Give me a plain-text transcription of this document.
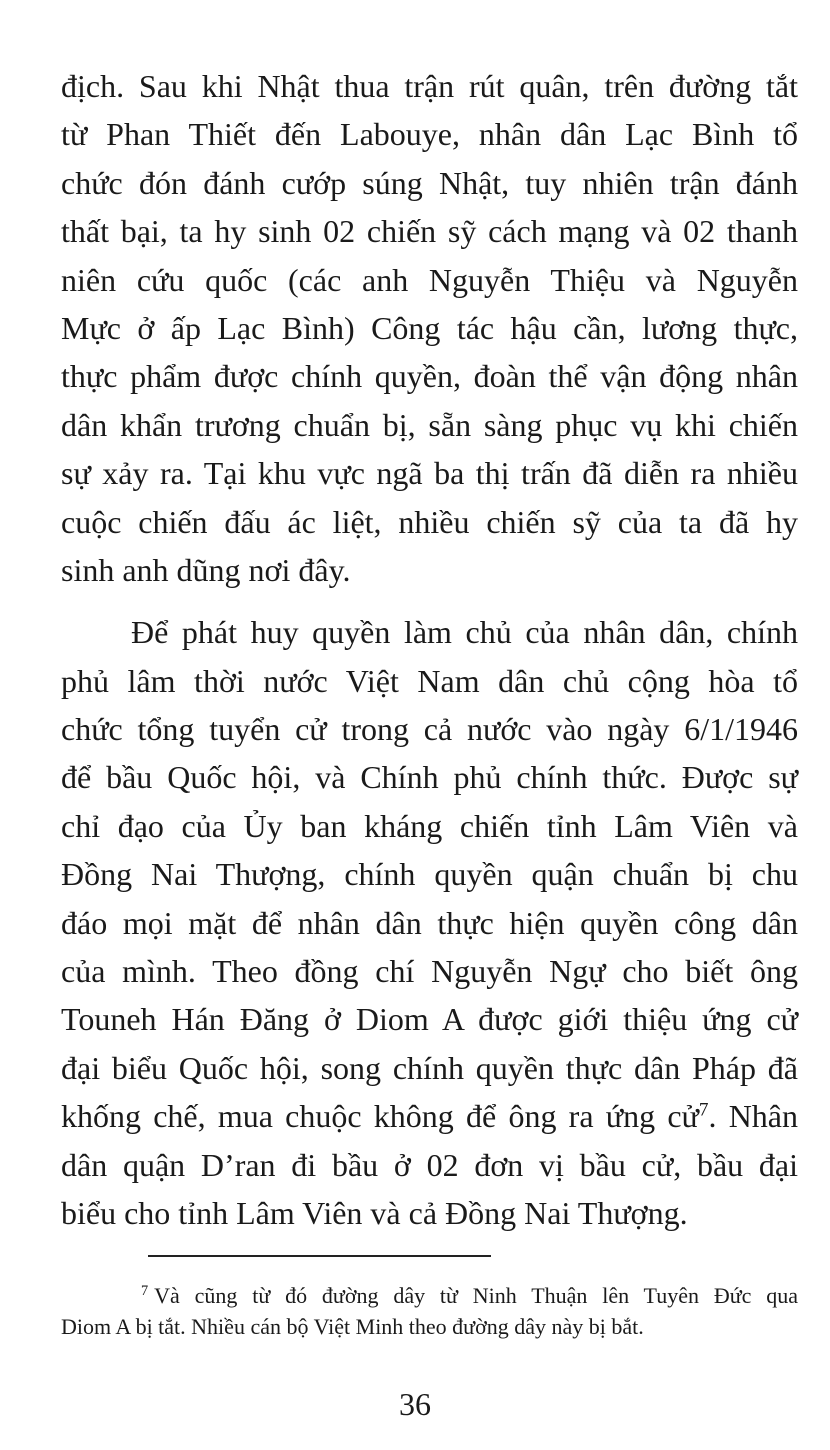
địch. Sau khi Nhật thua trận rút quân, trên đường tắt
từ Phan Thiết đến Labouye, nhân dân Lạc Bình tổ
chức đón đánh cướp súng Nhật, tuy nhiên trận đánh
thất bại, ta hy sinh 02 chiến sỹ cách mạng và 02 thanh
niên cứu quốc (các anh Nguyễn Thiệu và Nguyễn
Mực ở ấp Lạc Bình) Công tác hậu cần, lương thực,
thực phẩm được chính quyền, đoàn thể vận động nhân
dân khẩn trương chuẩn bị, sẵn sàng phục vụ khi chiến
sự xảy ra. Tại khu vực ngã ba thị trấn đã diễn ra nhiều
cuộc chiến đấu ác liệt, nhiều chiến sỹ của ta đã hy
sinh anh dũng nơi đây.
Để phát huy quyền làm chủ của nhân dân, chính
phủ lâm thời nước Việt Nam dân chủ cộng hòa tổ
chức tổng tuyển cử trong cả nước vào ngày 6/1/1946
để bầu Quốc hội, và Chính phủ chính thức. Được sự
chỉ đạo của Ủy ban kháng chiến tỉnh Lâm Viên và
Đồng Nai Thượng, chính quyền quận chuẩn bị chu
đáo mọi mặt để nhân dân thực hiện quyền công dân
của mình. Theo đồng chí Nguyễn Ngự cho biết ông
Touneh Hán Đăng ở Diom A được giới thiệu ứng cử
đại biểu Quốc hội, song chính quyền thực dân Pháp đã
khống chế, mua chuộc không để ông ra ứng cử$^7$. Nhân
dân quận D’ran đi bầu ở 02 đơn vị bầu cử, bầu đại
biểu cho tỉnh Lâm Viên và cả Đồng Nai Thượng.
$^7$ Và cũng từ đó đường dây từ Ninh Thuận lên Tuyên Đức qua
Diom A bị tắt. Nhiều cán bộ Việt Minh theo đường dây này bị bắt.
36
